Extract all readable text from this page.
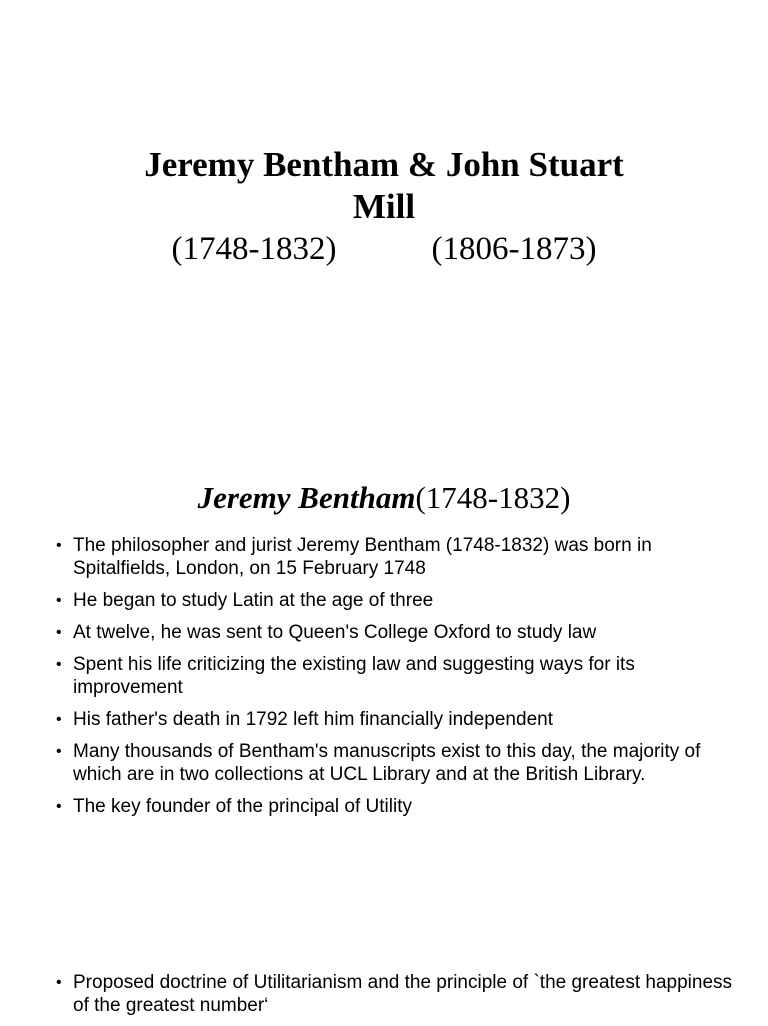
Jeremy Bentham & John Stuart
Mill
(1748-1832)	(1806-1873)
Jeremy Bentham(1748-1832)
• The philosopher and jurist Jeremy Bentham (1748-1832) was born in Spitalfields, London, on 15 February 1748
• He began to study Latin at the age of three
• At twelve, he was sent to Queen's College Oxford to study law
• Spent his life criticizing the existing law and suggesting ways for its improvement
• His father's death in 1792 left him financially independent
• Many thousands of Bentham's manuscripts exist to this day, the majority of which are in two collections at UCL Library and at the British Library.
• The key founder of the principal of Utility
• Proposed doctrine of Utilitarianism and the principle of `the greatest happiness of the greatest number‘
